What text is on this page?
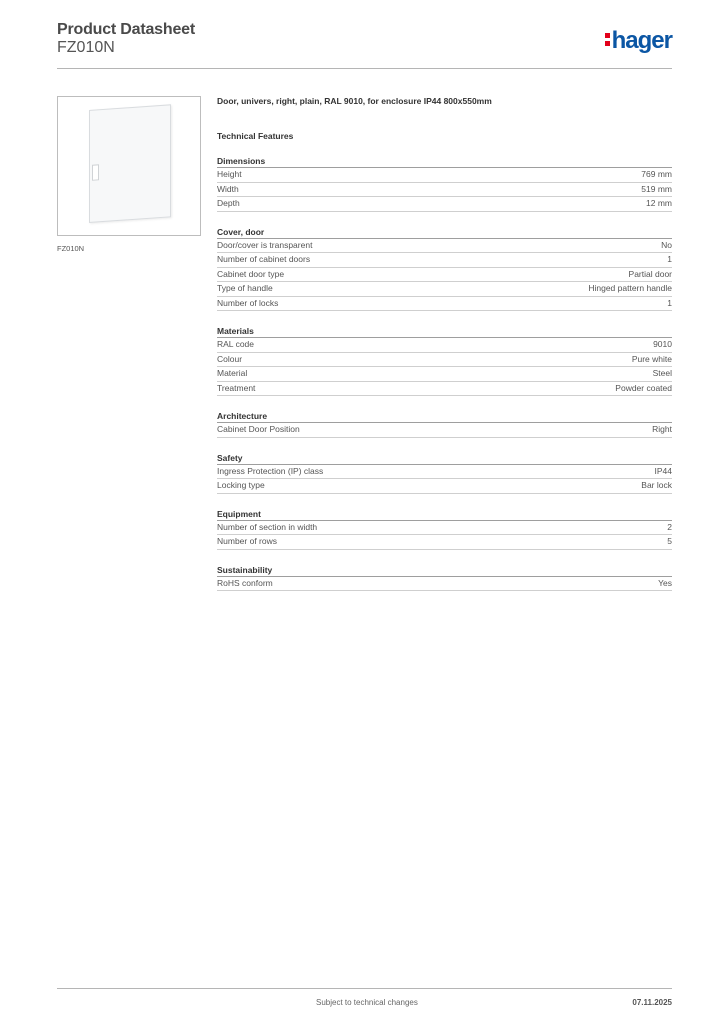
Product Datasheet
FZ010N	hager
FZ010N
Door, univers, right, plain, RAL 9010, for enclosure IP44 800x550mm
Technical Features
Dimensions
Height	769 mm
Width	519 mm
Depth	12 mm
Cover, door
Door/cover is transparent	No
Number of cabinet doors	1
Cabinet door type	Partial door
Type of handle	Hinged pattern handle
Number of locks	1
Materials
RAL code	9010
Colour	Pure white
Material	Steel
Treatment	Powder coated
Architecture
Cabinet Door Position	Right
Safety
Ingress Protection (IP) class	IP44
Locking type	Bar lock
Equipment
Number of section in width	2
Number of rows	5
Sustainability
RoHS conform	Yes
Subject to technical changes	07.11.2025
